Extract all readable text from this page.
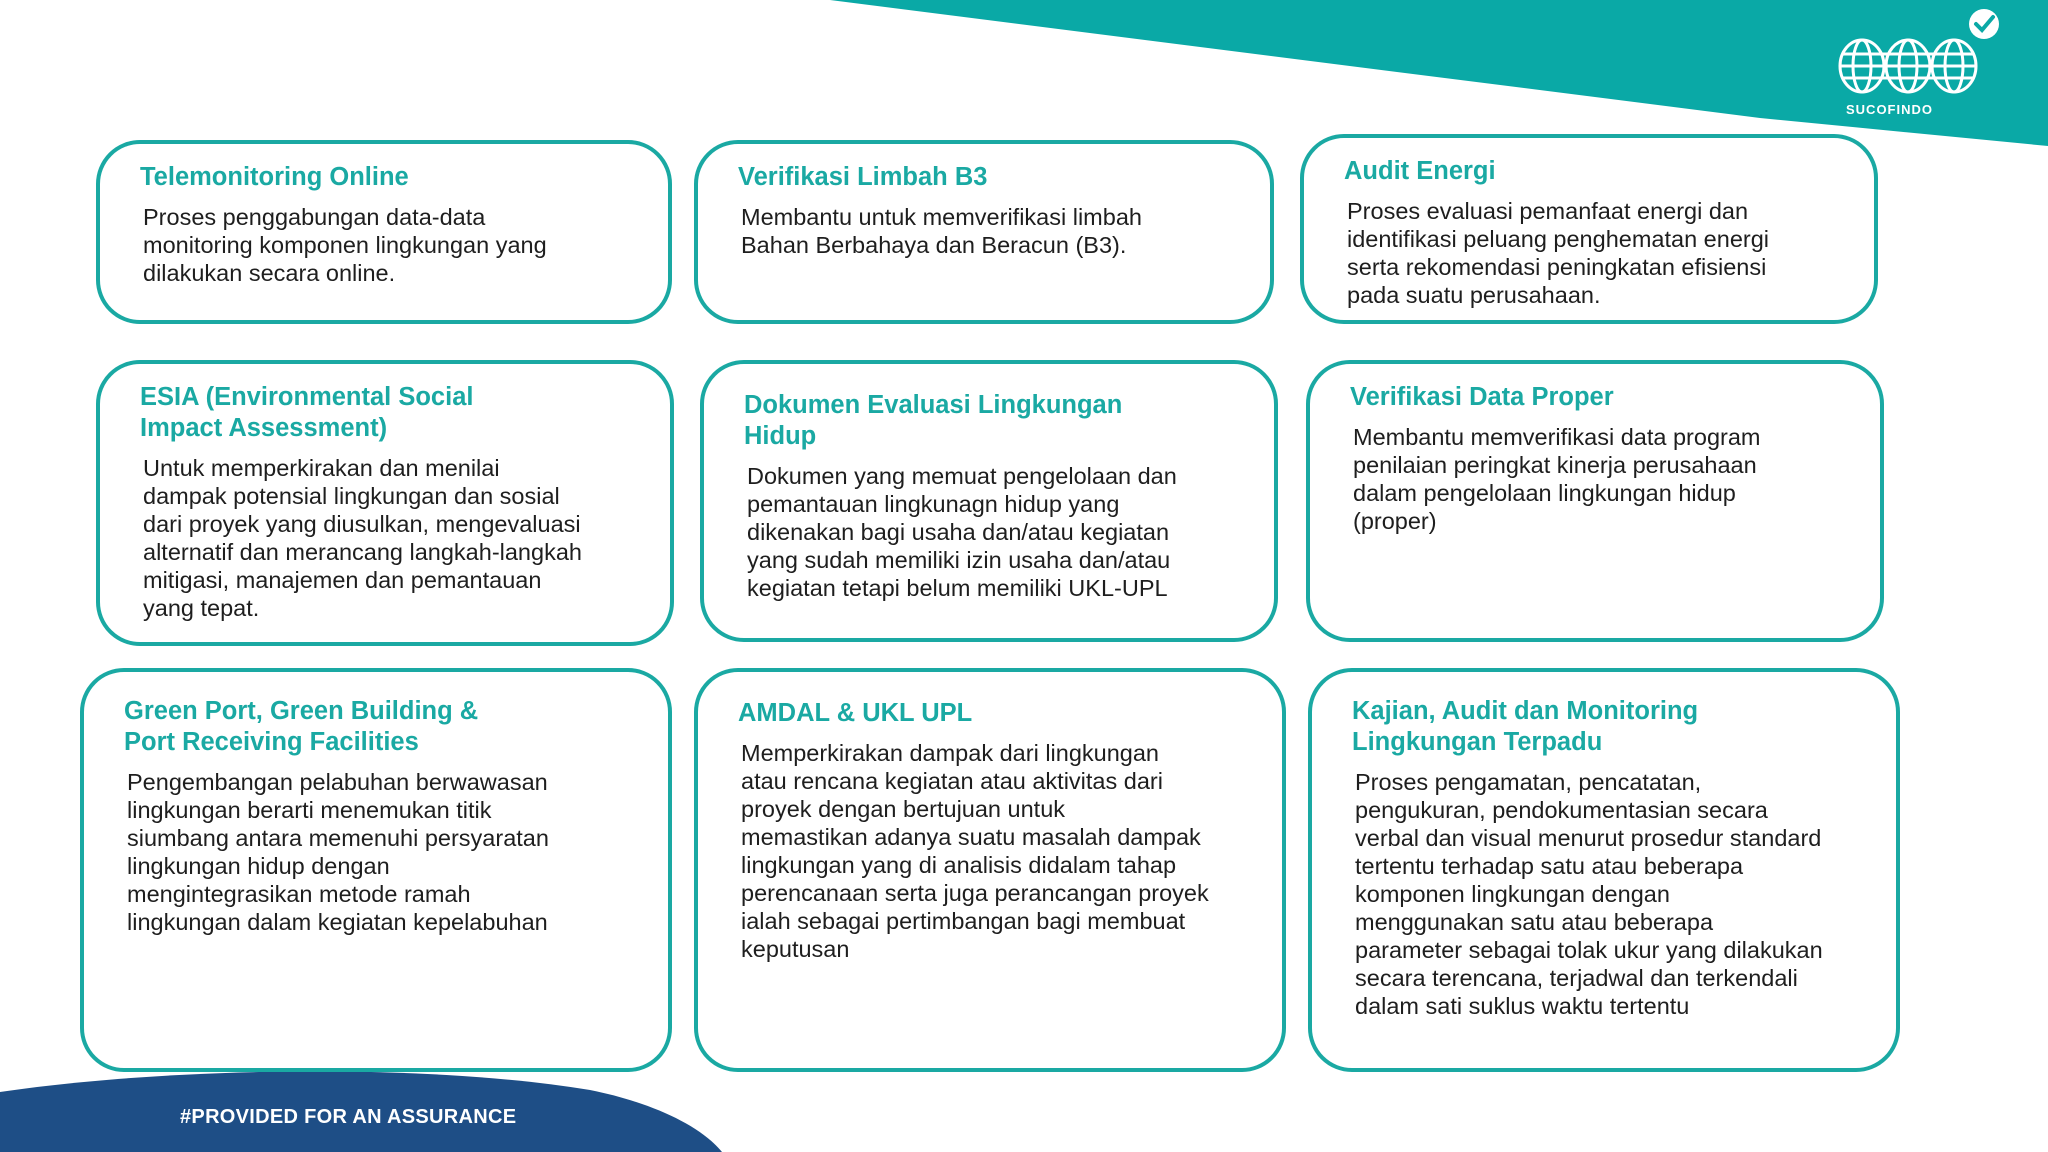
SUCOFINDO
Telemonitoring Online
Proses penggabungan data-data
monitoring komponen lingkungan yang
dilakukan secara online.
Verifikasi Limbah B3
Membantu untuk memverifikasi limbah
Bahan Berbahaya dan Beracun (B3).
Audit Energi
Proses evaluasi pemanfaat energi dan
identifikasi peluang penghematan energi
serta rekomendasi peningkatan efisiensi
pada suatu perusahaan.
ESIA (Environmental Social
Impact Assessment)
Untuk memperkirakan dan menilai
dampak potensial lingkungan dan sosial
dari proyek yang diusulkan, mengevaluasi
alternatif dan merancang langkah-langkah
mitigasi, manajemen dan pemantauan
yang tepat.
Dokumen Evaluasi Lingkungan
Hidup
Dokumen yang memuat pengelolaan dan
pemantauan lingkunagn hidup yang
dikenakan bagi usaha dan/atau kegiatan
yang sudah memiliki izin usaha dan/atau
kegiatan tetapi belum memiliki UKL-UPL
Verifikasi Data Proper
Membantu memverifikasi data program
penilaian peringkat kinerja perusahaan
dalam pengelolaan lingkungan hidup
(proper)
Green Port, Green Building &
Port Receiving Facilities
Pengembangan pelabuhan berwawasan
lingkungan berarti menemukan titik
siumbang antara memenuhi persyaratan
lingkungan hidup dengan
mengintegrasikan metode ramah
lingkungan dalam kegiatan kepelabuhan
AMDAL & UKL UPL
Memperkirakan dampak dari lingkungan
atau rencana kegiatan atau aktivitas dari
proyek dengan bertujuan untuk
memastikan adanya suatu masalah dampak
lingkungan yang di analisis didalam tahap
perencanaan serta juga perancangan proyek
ialah sebagai pertimbangan bagi membuat
keputusan
Kajian, Audit dan Monitoring
Lingkungan Terpadu
Proses pengamatan, pencatatan,
pengukuran, pendokumentasian secara
verbal dan visual menurut prosedur standard
tertentu terhadap satu atau beberapa
komponen lingkungan dengan
menggunakan satu atau beberapa
parameter sebagai tolak ukur yang dilakukan
secara terencana, terjadwal dan terkendali
dalam sati suklus waktu tertentu
#PROVIDED FOR AN ASSURANCE
